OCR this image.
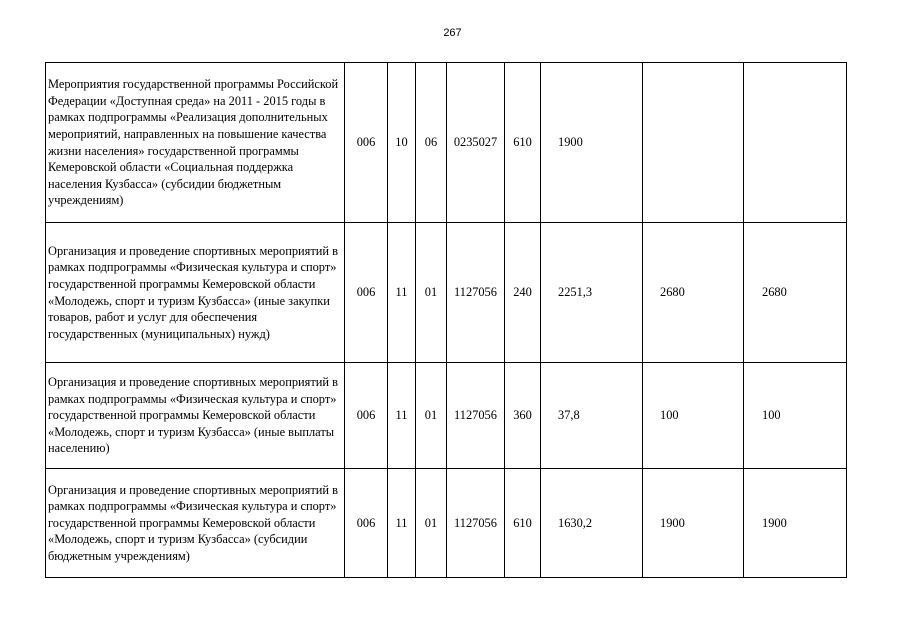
267
Мероприятия государственной программы Российской Федерации «Доступная среда» на 2011 - 2015 годы в рамках подпрограммы «Реализация дополнительных мероприятий, направленных на повышение качества жизни населения» государственной программы Кемеровской области «Социальная поддержка населения Кузбасса» (субсидии бюджетным учреждениям)	006	10	06	0235027	610	1900		
Организация и проведение спортивных мероприятий в рамках подпрограммы «Физическая культура и спорт» государственной программы Кемеровской области «Молодежь, спорт и туризм Кузбасса» (иные закупки товаров, работ и услуг для обеспечения государственных (муниципальных) нужд)	006	11	01	1127056	240	2251,3	2680	2680
Организация и проведение спортивных мероприятий в рамках подпрограммы «Физическая культура и спорт» государственной программы Кемеровской области «Молодежь, спорт и туризм Кузбасса» (иные выплаты населению)	006	11	01	1127056	360	37,8	100	100
Организация и проведение спортивных мероприятий в рамках подпрограммы «Физическая культура и спорт» государственной программы Кемеровской области «Молодежь, спорт и туризм Кузбасса» (субсидии бюджетным учреждениям)	006	11	01	1127056	610	1630,2	1900	1900
